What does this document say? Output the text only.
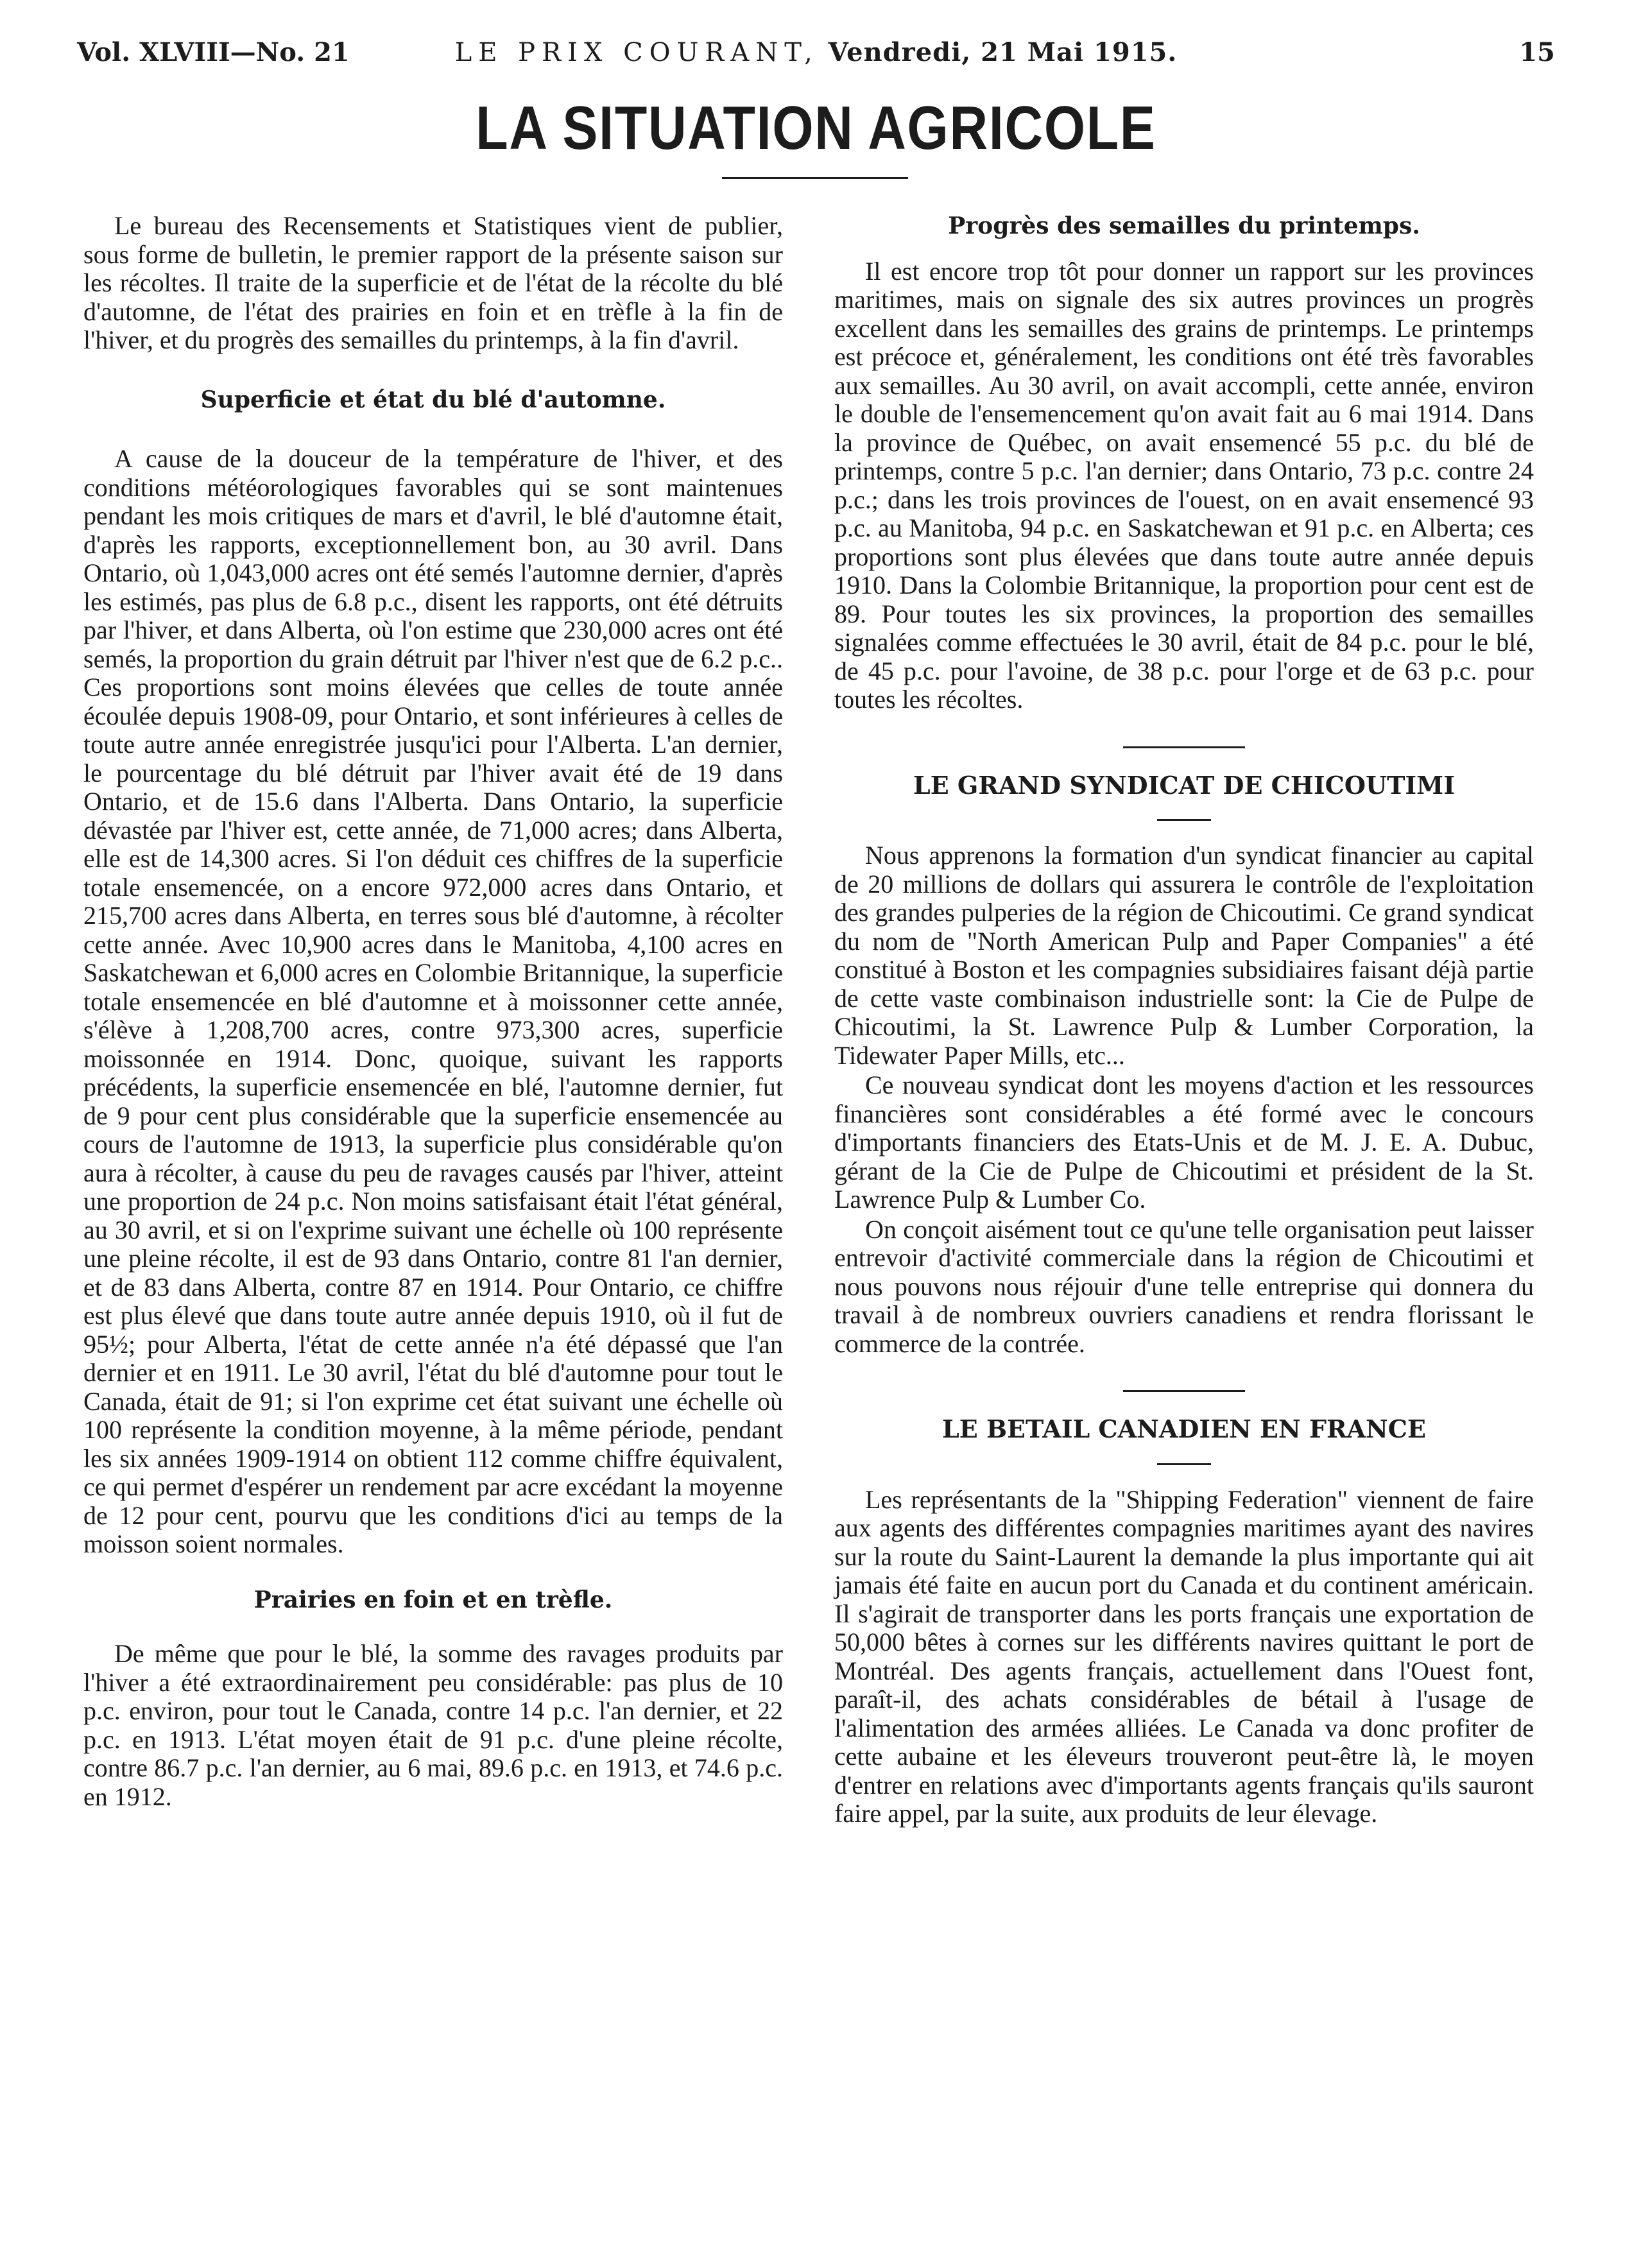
Vol. XLVIII—No. 21	LE PRIX COURANT, Vendredi, 21 Mai 1915.	15
LA SITUATION AGRICOLE

Le bureau des Recensements et Statistiques vient de publier, sous forme de bulletin, le premier rapport de la présente saison sur les récoltes. Il traite de la superficie et de l'état de la récolte du blé d'automne, de l'état des prairies en foin et en trèfle à la fin de l'hiver, et du progrès des semailles du printemps, à la fin d'avril.

Superficie et état du blé d'automne.

A cause de la douceur de la température de l'hiver, et des conditions météorologiques favorables qui se sont maintenues pendant les mois critiques de mars et d'avril, le blé d'automne était, d'après les rapports, exceptionnellement bon, au 30 avril. Dans Ontario, où 1,043,000 acres ont été semés l'automne dernier, d'après les estimés, pas plus de 6.8 p.c., disent les rapports, ont été détruits par l'hiver, et dans Alberta, où l'on estime que 230,000 acres ont été semés, la proportion du grain détruit par l'hiver n'est que de 6.2 p.c.. Ces proportions sont moins élevées que celles de toute année écoulée depuis 1908-09, pour Ontario, et sont inférieures à celles de toute autre année enregistrée jusqu'ici pour l'Alberta. L'an dernier, le pourcentage du blé détruit par l'hiver avait été de 19 dans Ontario, et de 15.6 dans l'Alberta. Dans Ontario, la superficie dévastée par l'hiver est, cette année, de 71,000 acres; dans Alberta, elle est de 14,300 acres. Si l'on déduit ces chiffres de la superficie totale ensemencée, on a encore 972,000 acres dans Ontario, et 215,700 acres dans Alberta, en terres sous blé d'automne, à récolter cette année. Avec 10,900 acres dans le Manitoba, 4,100 acres en Saskatchewan et 6,000 acres en Colombie Britannique, la superficie totale ensemencée en blé d'automne et à moissonner cette année, s'élève à 1,208,700 acres, contre 973,300 acres, superficie moissonnée en 1914. Donc, quoique, suivant les rapports précédents, la superficie ensemencée en blé, l'automne dernier, fut de 9 pour cent plus considérable que la superficie ensemencée au cours de l'automne de 1913, la superficie plus considérable qu'on aura à récolter, à cause du peu de ravages causés par l'hiver, atteint une proportion de 24 p.c. Non moins satisfaisant était l'état général, au 30 avril, et si on l'exprime suivant une échelle où 100 représente une pleine récolte, il est de 93 dans Ontario, contre 81 l'an dernier, et de 83 dans Alberta, contre 87 en 1914. Pour Ontario, ce chiffre est plus élevé que dans toute autre année depuis 1910, où il fut de 95½; pour Alberta, l'état de cette année n'a été dépassé que l'an dernier et en 1911. Le 30 avril, l'état du blé d'automne pour tout le Canada, était de 91; si l'on exprime cet état suivant une échelle où 100 représente la condition moyenne, à la même période, pendant les six années 1909-1914 on obtient 112 comme chiffre équivalent, ce qui permet d'espérer un rendement par acre excédant la moyenne de 12 pour cent, pourvu que les conditions d'ici au temps de la moisson soient normales.

Prairies en foin et en trèfle.

De même que pour le blé, la somme des ravages produits par l'hiver a été extraordinairement peu considérable: pas plus de 10 p.c. environ, pour tout le Canada, contre 14 p.c. l'an dernier, et 22 p.c. en 1913. L'état moyen était de 91 p.c. d'une pleine récolte, contre 86.7 p.c. l'an dernier, au 6 mai, 89.6 p.c. en 1913, et 74.6 p.c. en 1912.

Progrès des semailles du printemps.

Il est encore trop tôt pour donner un rapport sur les provinces maritimes, mais on signale des six autres provinces un progrès excellent dans les semailles des grains de printemps. Le printemps est précoce et, généralement, les conditions ont été très favorables aux semailles. Au 30 avril, on avait accompli, cette année, environ le double de l'ensemencement qu'on avait fait au 6 mai 1914. Dans la province de Québec, on avait ensemencé 55 p.c. du blé de printemps, contre 5 p.c. l'an dernier; dans Ontario, 73 p.c. contre 24 p.c.; dans les trois provinces de l'ouest, on en avait ensemencé 93 p.c. au Manitoba, 94 p.c. en Saskatchewan et 91 p.c. en Alberta; ces proportions sont plus élevées que dans toute autre année depuis 1910. Dans la Colombie Britannique, la proportion pour cent est de 89. Pour toutes les six provinces, la proportion des semailles signalées comme effectuées le 30 avril, était de 84 p.c. pour le blé, de 45 p.c. pour l'avoine, de 38 p.c. pour l'orge et de 63 p.c. pour toutes les récoltes.

LE GRAND SYNDICAT DE CHICOUTIMI

Nous apprenons la formation d'un syndicat financier au capital de 20 millions de dollars qui assurera le contrôle de l'exploitation des grandes pulperies de la région de Chicoutimi. Ce grand syndicat du nom de "North American Pulp and Paper Companies" a été constitué à Boston et les compagnies subsidiaires faisant déjà partie de cette vaste combinaison industrielle sont: la Cie de Pulpe de Chicoutimi, la St. Lawrence Pulp & Lumber Corporation, la Tidewater Paper Mills, etc...

Ce nouveau syndicat dont les moyens d'action et les ressources financières sont considérables a été formé avec le concours d'importants financiers des Etats-Unis et de M. J. E. A. Dubuc, gérant de la Cie de Pulpe de Chicoutimi et président de la St. Lawrence Pulp & Lumber Co.

On conçoit aisément tout ce qu'une telle organisation peut laisser entrevoir d'activité commerciale dans la région de Chicoutimi et nous pouvons nous réjouir d'une telle entreprise qui donnera du travail à de nombreux ouvriers canadiens et rendra florissant le commerce de la contrée.

LE BETAIL CANADIEN EN FRANCE

Les représentants de la "Shipping Federation" viennent de faire aux agents des différentes compagnies maritimes ayant des navires sur la route du Saint-Laurent la demande la plus importante qui ait jamais été faite en aucun port du Canada et du continent américain. Il s'agirait de transporter dans les ports français une exportation de 50,000 bêtes à cornes sur les différents navires quittant le port de Montréal. Des agents français, actuellement dans l'Ouest font, paraît-il, des achats considérables de bétail à l'usage de l'alimentation des armées alliées. Le Canada va donc profiter de cette aubaine et les éleveurs trouveront peut-être là, le moyen d'entrer en relations avec d'importants agents français qu'ils sauront faire appel, par la suite, aux produits de leur élevage.
